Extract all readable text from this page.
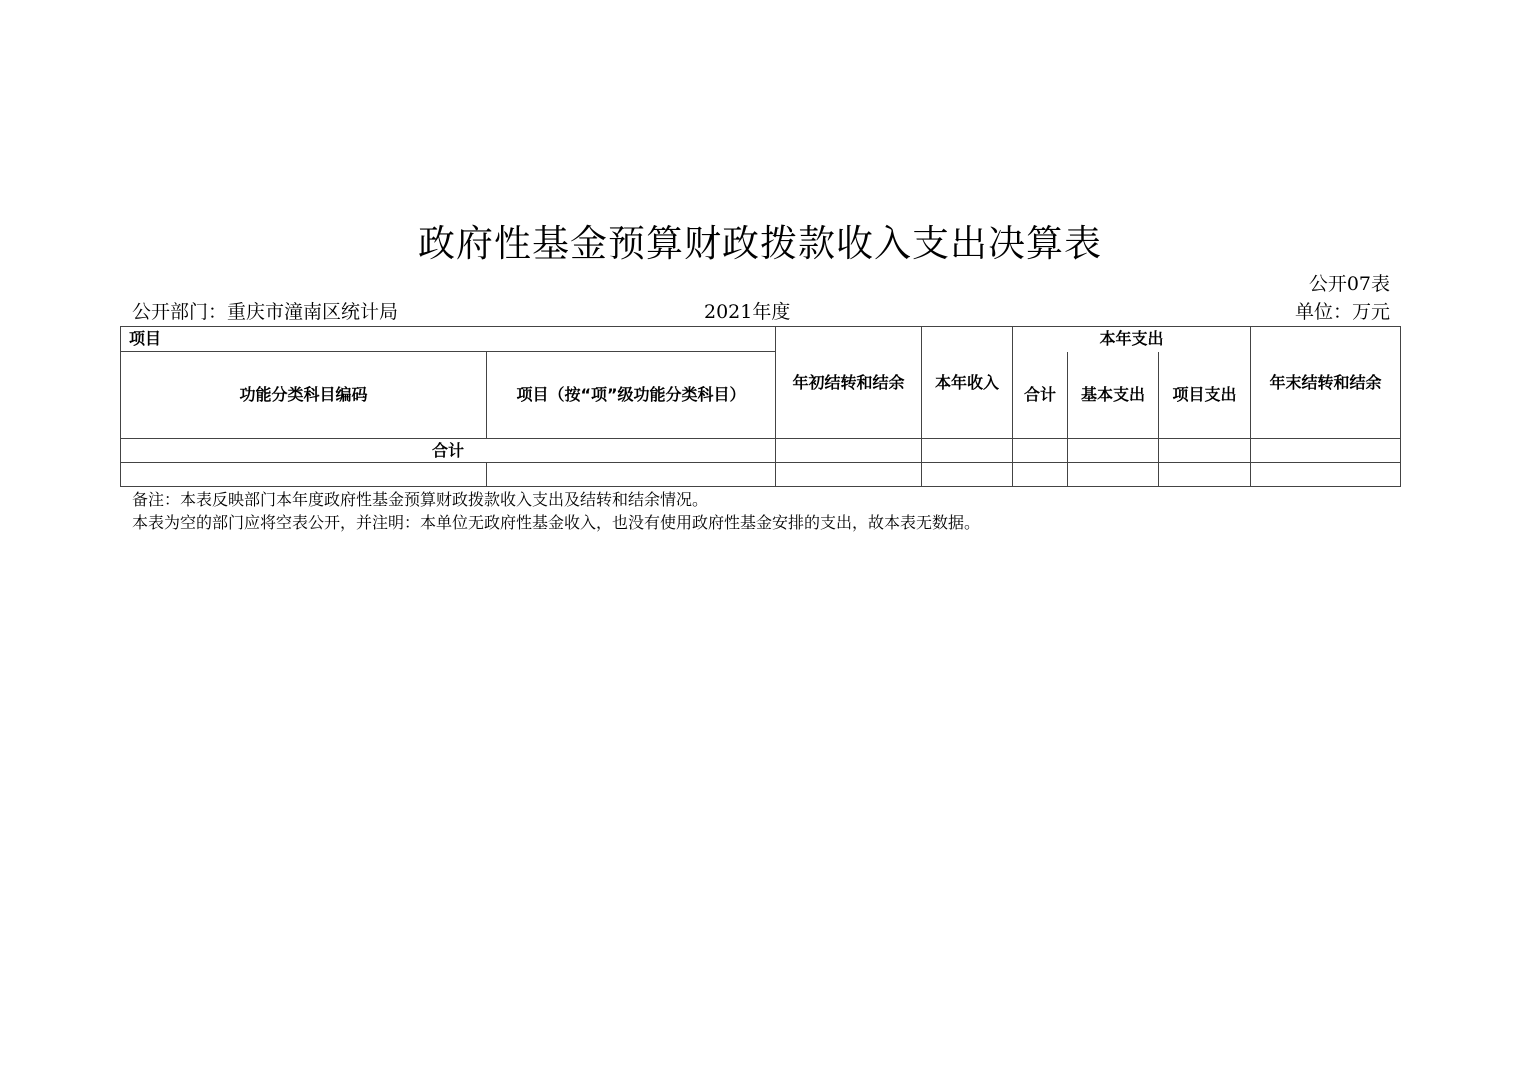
政府性基金预算财政拨款收入支出决算表
公开07表
公开部门：重庆市潼南区统计局	2021年度	单位：万元
项目		年初结转和结余	本年收入	本年支出			年末结转和结余
功能分类科目编码	项目（按“项”级功能分类科目）			合计	基本支出	项目支出	
合计							

备注：本表反映部门本年度政府性基金预算财政拨款收入支出及结转和结余情况。
本表为空的部门应将空表公开，并注明：本单位无政府性基金收入，也没有使用政府性基金安排的支出，故本表无数据。
